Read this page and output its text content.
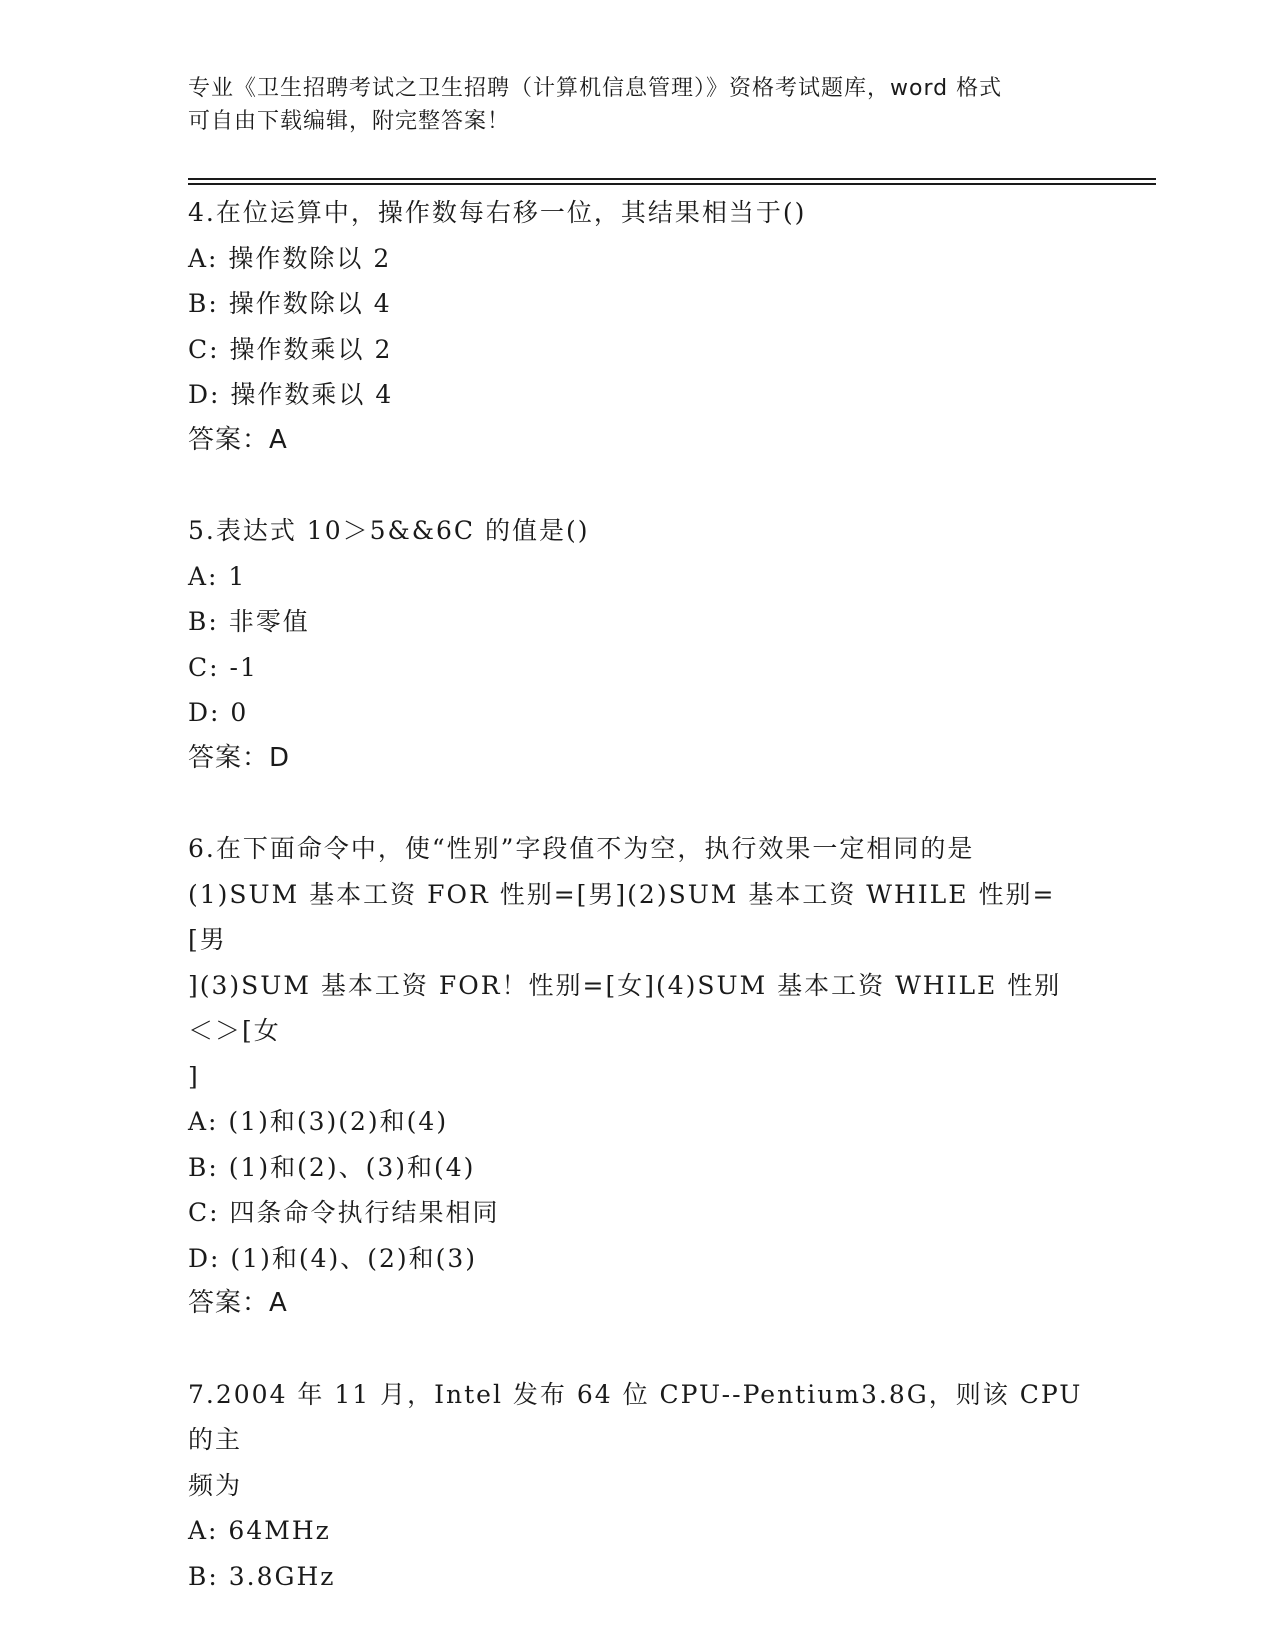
专业《卫生招聘考试之卫生招聘（计算机信息管理）》资格考试题库，word 格式

可自由下载编辑，附完整答案！

4.在位运算中，操作数每右移一位，其结果相当于()

A: 操作数除以 2

B: 操作数除以 4

C: 操作数乘以 2

D: 操作数乘以 4

答案：A

5.表达式 10＞5&&6C 的值是()

A: 1

B: 非零值

C: -1

D: 0

答案：D

6.在下面命令中，使“性别”字段值不为空，执行效果一定相同的是

(1)SUM 基本工资 FOR 性别=[男](2)SUM 基本工资 WHILE 性别=[男

](3)SUM 基本工资 FOR！性别=[女](4)SUM 基本工资 WHILE 性别＜＞[女

]

A: (1)和(3)(2)和(4)

B: (1)和(2)、(3)和(4)

C: 四条命令执行结果相同

D: (1)和(4)、(2)和(3)

答案：A

7.2004 年 11 月，Intel 发布 64 位 CPU--Pentium3.8G，则该 CPU 的主

频为

A: 64MHz

B: 3.8GHz
